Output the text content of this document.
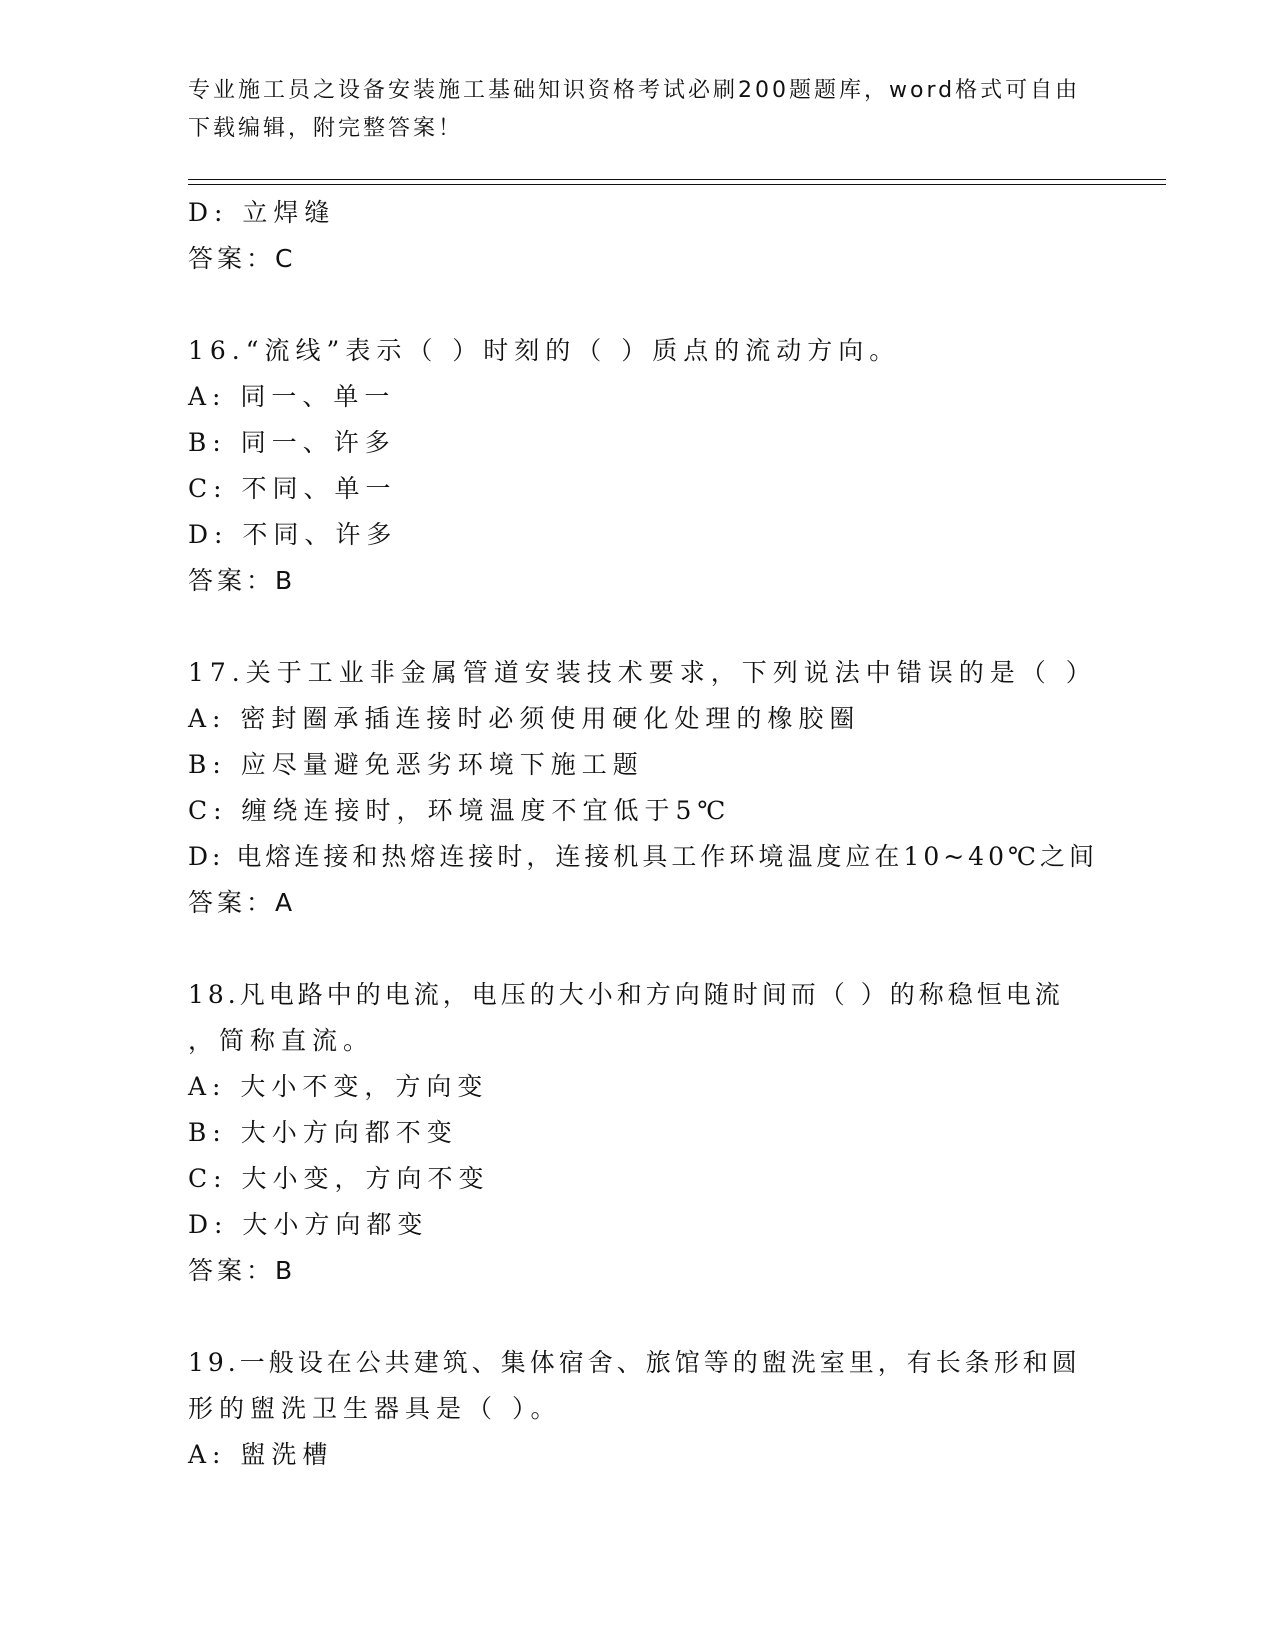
专业施工员之设备安装施工基础知识资格考试必刷200题题库，word格式可自由
下载编辑，附完整答案！
D: 立焊缝
答案：C
16.“流线”表示（ ）时刻的（ ）质点的流动方向。
A: 同一、单一
B: 同一、许多
C: 不同、单一
D: 不同、许多
答案：B
17.关于工业非金属管道安装技术要求，下列说法中错误的是（ ）
A: 密封圈承插连接时必须使用硬化处理的橡胶圈
B: 应尽量避免恶劣环境下施工题
C: 缠绕连接时，环境温度不宜低于5℃
D: 电熔连接和热熔连接时，连接机具工作环境温度应在10~40℃之间
答案：A
18.凡电路中的电流，电压的大小和方向随时间而（ ）的称稳恒电流
，简称直流。
A: 大小不变，方向变
B: 大小方向都不变
C: 大小变，方向不变
D: 大小方向都变
答案：B
19.一般设在公共建筑、集体宿舍、旅馆等的盥洗室里，有长条形和圆
形的盥洗卫生器具是（ ）。
A: 盥洗槽
